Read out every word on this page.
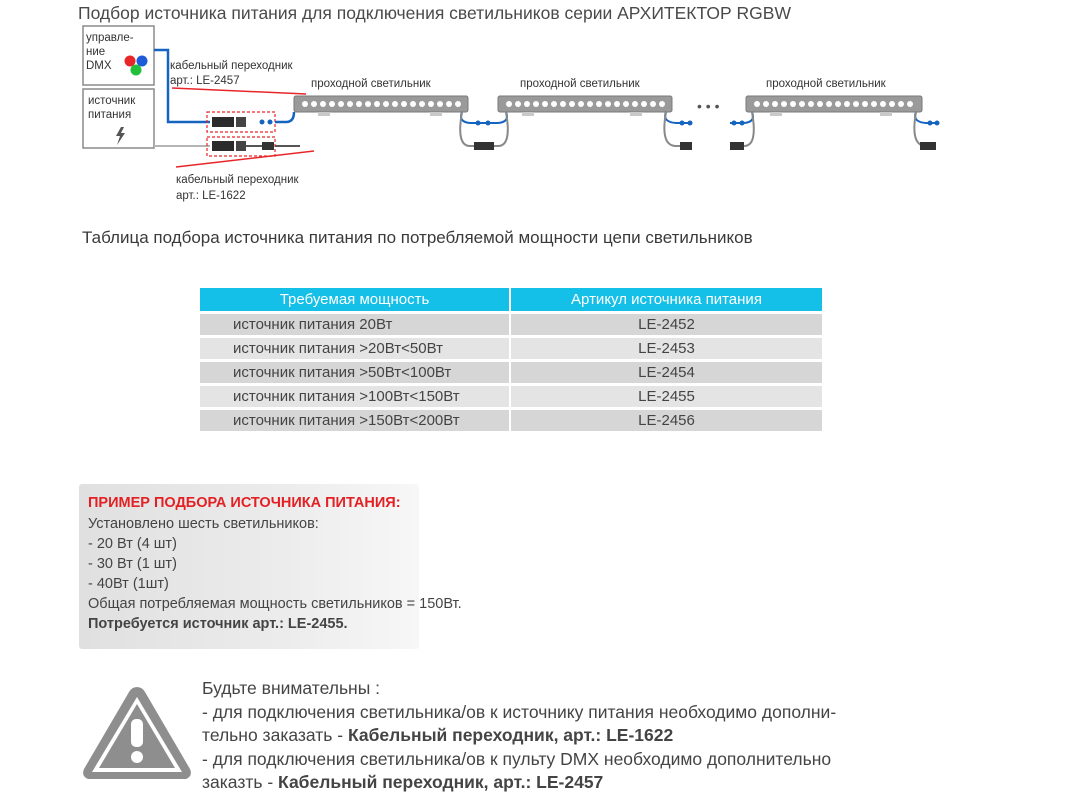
Подбор источника питания для подключения светильников серии АРХИТЕКТОР RGBW
управле-
ние
DMX
источник
питания
кабельный переходник
арт.: LE-2457
кабельный переходник
арт.: LE-1622
проходной светильник	проходной светильник	проходной светильник
• • •
Таблица подбора источника питания по потребляемой мощности цепи светильников
Требуемая мощность	Артикул источника питания
источник питания 20Вт	LE-2452
источник питания >20Вт<50Вт	LE-2453
источник питания >50Вт<100Вт	LE-2454
источник питания >100Вт<150Вт	LE-2455
источник питания >150Вт<200Вт	LE-2456
ПРИМЕР ПОДБОРА ИСТОЧНИКА ПИТАНИЯ:
Установлено шесть светильников:
- 20 Вт (4 шт)
- 30 Вт (1 шт)
- 40Вт (1шт)
Общая потребляемая мощность светильников = 150Вт.
Потребуется источник арт.: LE-2455.
Будьте внимательны :
- для подключения светильника/ов к источнику питания необходимо дополни-
тельно заказать - Кабельный переходник, арт.: LE-1622
- для подключения светильника/ов к пульту DMX необходимо дополнительно
заказть - Кабельный переходник, арт.: LE-2457
